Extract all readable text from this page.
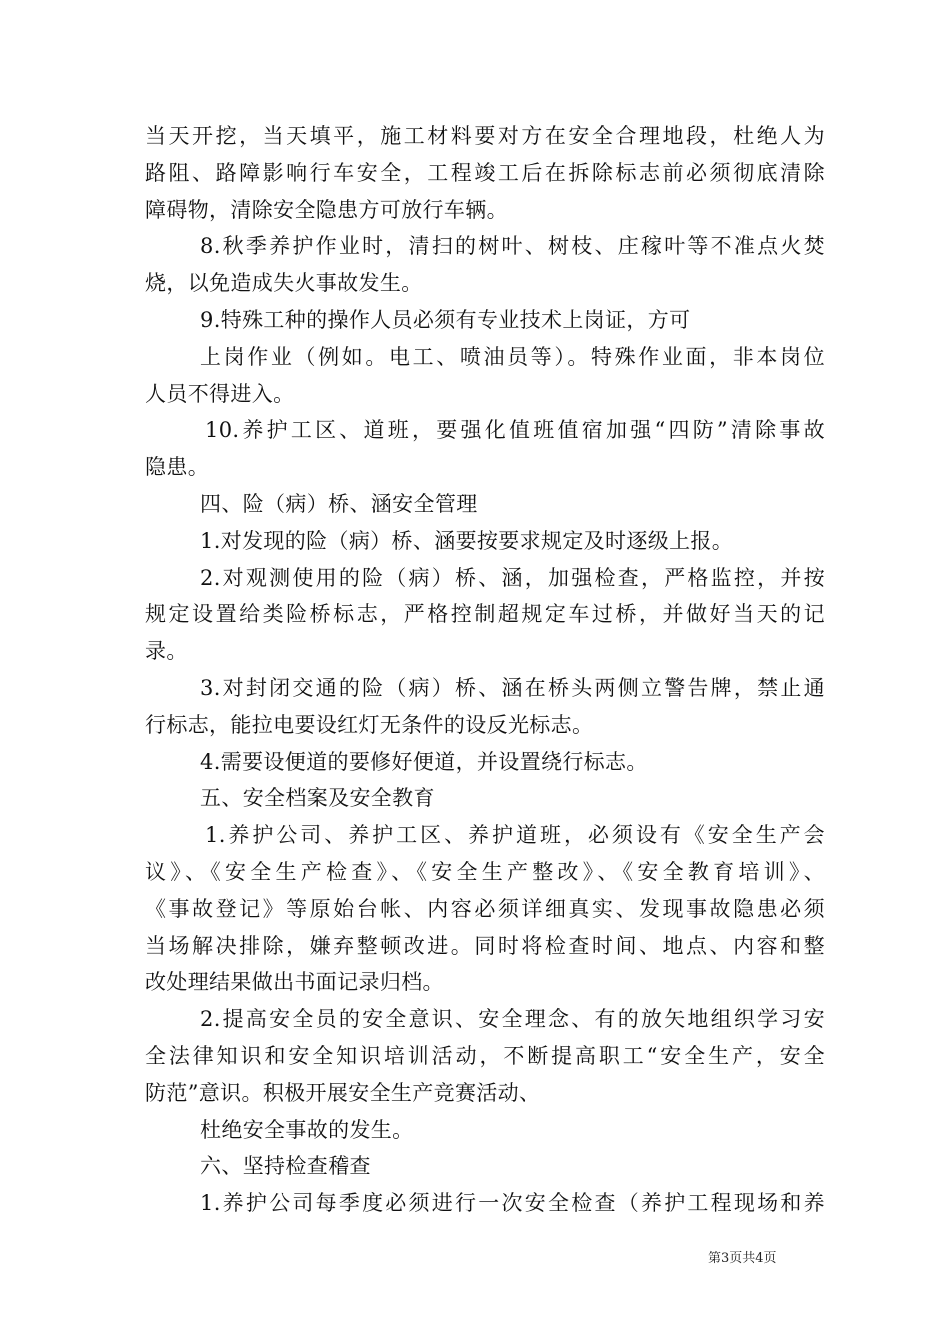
当天开挖，当天填平，施工材料要对方在安全合理地段，杜绝人为
路阻、路障影响行车安全，工程竣工后在拆除标志前必须彻底清除
障碍物，清除安全隐患方可放行车辆。
8.秋季养护作业时，清扫的树叶、树枝、庄稼叶等不准点火焚
烧，以免造成失火事故发生。
9.特殊工种的操作人员必须有专业技术上岗证，方可
上岗作业（例如。电工、喷油员等）。特殊作业面，非本岗位
人员不得进入。
10.养护工区、道班，要强化值班值宿加强“四防”清除事故
隐患。
四、险（病）桥、涵安全管理
1.对发现的险（病）桥、涵要按要求规定及时逐级上报。
2.对观测使用的险（病）桥、涵，加强检查，严格监控，并按
规定设置给类险桥标志，严格控制超规定车过桥，并做好当天的记
录。
3.对封闭交通的险（病）桥、涵在桥头两侧立警告牌，禁止通
行标志，能拉电要设红灯无条件的设反光标志。
4.需要设便道的要修好便道，并设置绕行标志。
五、安全档案及安全教育
1.养护公司、养护工区、养护道班，必须设有《安全生产会
议》、《安全生产检查》、《安全生产整改》、《安全教育培训》、
《事故登记》等原始台帐、内容必须详细真实、发现事故隐患必须
当场解决排除，嫌弃整顿改进。同时将检查时间、地点、内容和整
改处理结果做出书面记录归档。
2.提高安全员的安全意识、安全理念、有的放矢地组织学习安
全法律知识和安全知识培训活动，不断提高职工“安全生产，安全
防范”意识。积极开展安全生产竞赛活动、
杜绝安全事故的发生。
六、坚持检查稽查
1.养护公司每季度必须进行一次安全检查（养护工程现场和养
第3页共4页
